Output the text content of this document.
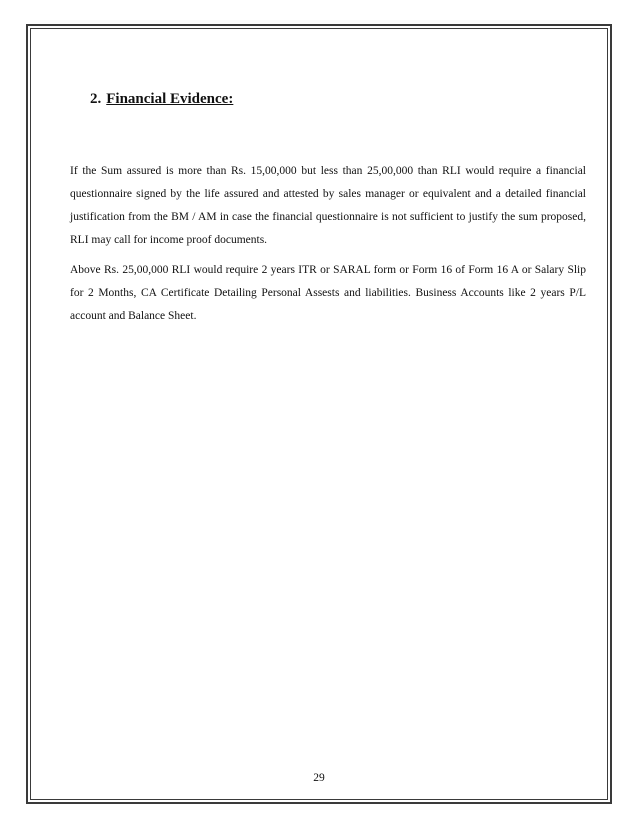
2. Financial Evidence:

If the Sum assured is more than Rs. 15,00,000 but less than 25,00,000 than RLI would require a financial questionnaire signed by the life assured and attested by sales manager or equivalent and a detailed financial justification from the BM / AM in case the financial questionnaire is not sufficient to justify the sum proposed, RLI may call for income proof documents.

Above Rs. 25,00,000 RLI would require 2 years ITR or SARAL form or Form 16 of Form 16 A or Salary Slip for 2 Months, CA Certificate Detailing Personal Assests and liabilities. Business Accounts like 2 years P/L account and Balance Sheet.

29
